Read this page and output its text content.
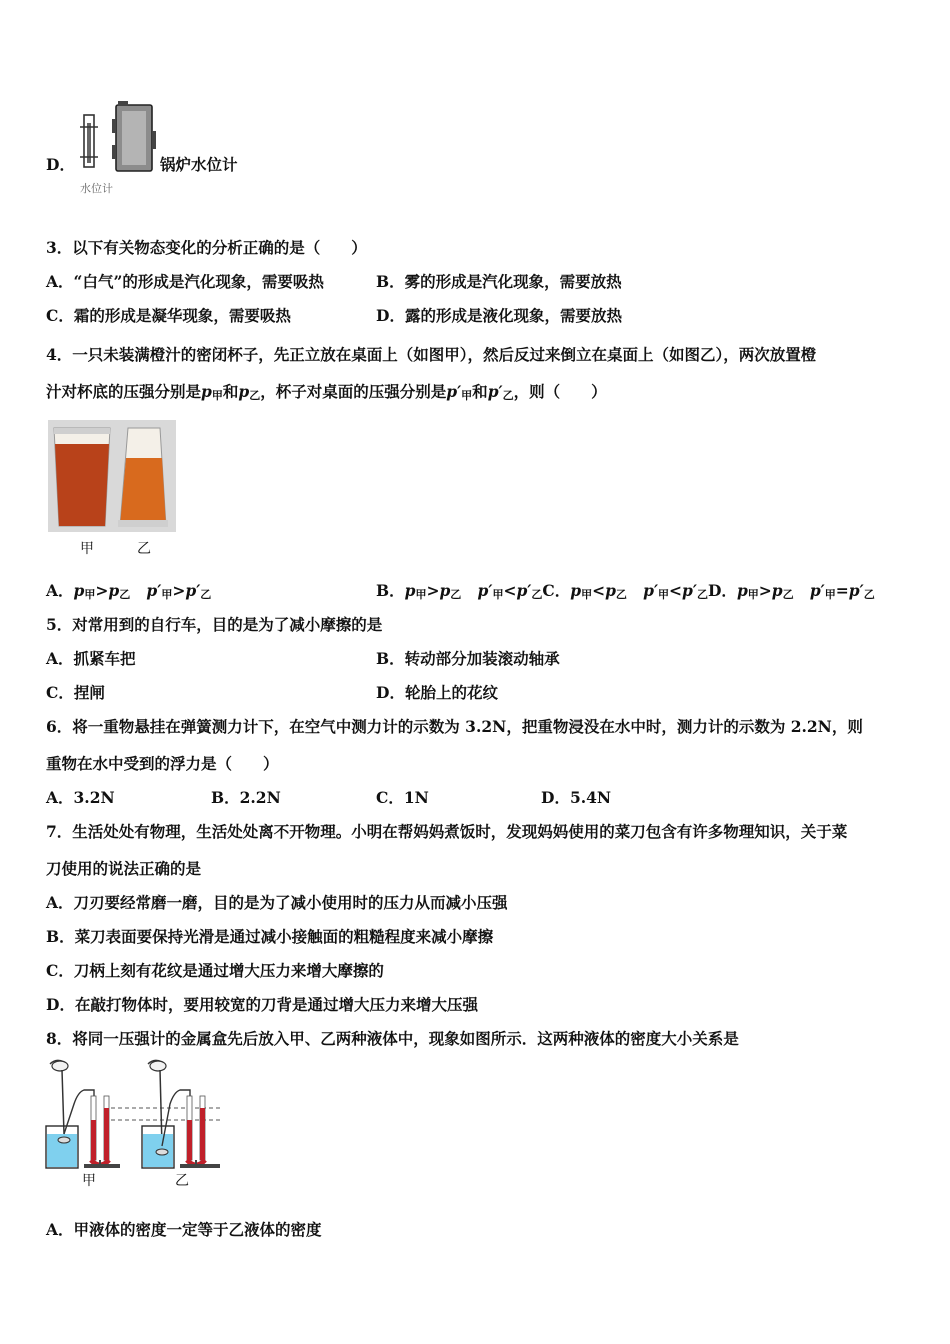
D．
水位计
锅炉水位计
3．以下有关物态变化的分析正确的是（　　）
A．“白气”的形成是汽化现象，需要吸热	B．雾的形成是汽化现象，需要放热
C．霜的形成是凝华现象，需要吸热	D．露的形成是液化现象，需要放热
4．一只未装满橙汁的密闭杯子，先正立放在桌面上（如图甲），然后反过来倒立在桌面上（如图乙），两次放置橙
汁对杯底的压强分别是$p_甲$和$p_乙$，杯子对桌面的压强分别是$p'_甲$和$p'_乙$，则（　　）
甲	乙
A．$p_甲>p_乙$ $p'_甲>p'_乙$	B．$p_甲>p_乙$ $p'_甲<p'_乙C$．$p_甲<p_乙$ $p'_甲<p'_乙D$．$p_甲>p_乙$ $p'_甲=p'_乙$
5．对常用到的自行车，目的是为了减小摩擦的是
A．抓紧车把	B．转动部分加装滚动轴承
C．捏闸	D．轮胎上的花纹
6．将一重物悬挂在弹簧测力计下，在空气中测力计的示数为 3.2N，把重物浸没在水中时，测力计的示数为 2.2N，则
重物在水中受到的浮力是（　　）
A．3.2N	B．2.2N	C．1N	D．5.4N
7．生活处处有物理，生活处处离不开物理。小明在帮妈妈煮饭时，发现妈妈使用的菜刀包含有许多物理知识，关于菜
刀使用的说法正确的是
A．刀刃要经常磨一磨，目的是为了减小使用时的压力从而减小压强
B．菜刀表面要保持光滑是通过减小接触面的粗糙程度来减小摩擦
C．刀柄上刻有花纹是通过增大压力来增大摩擦的
D．在敲打物体时，要用较宽的刀背是通过增大压力来增大压强
8．将同一压强计的金属盒先后放入甲、乙两种液体中，现象如图所示．这两种液体的密度大小关系是
甲	乙
A．甲液体的密度一定等于乙液体的密度
